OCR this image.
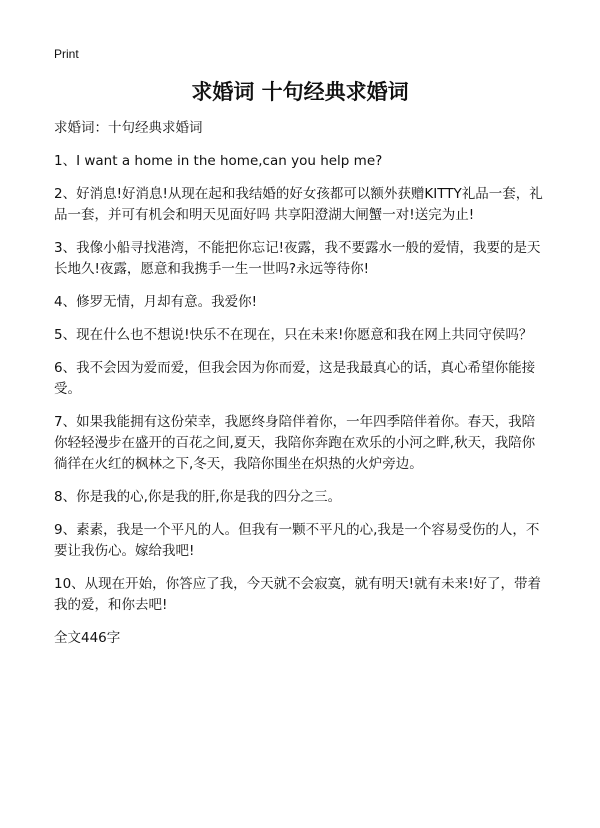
Print
求婚词 十句经典求婚词
求婚词：十句经典求婚词
1、I want a home in the home,can you help me?
2、好消息!好消息!从现在起和我结婚的好女孩都可以额外获赠KITTY礼品一套，礼品一套，并可有机会和明天见面好吗 共享阳澄湖大闸蟹一对!送完为止!
3、我像小船寻找港湾，不能把你忘记!夜露，我不要露水一般的爱情，我要的是天长地久!夜露，愿意和我携手一生一世吗?永远等待你!
4、修罗无情，月却有意。我爱你!
5、现在什么也不想说!快乐不在现在，只在未来!你愿意和我在网上共同守侯吗？
6、我不会因为爱而爱，但我会因为你而爱，这是我最真心的话，真心希望你能接受。
7、如果我能拥有这份荣幸，我愿终身陪伴着你，一年四季陪伴着你。春天，我陪你轻轻漫步在盛开的百花之间,夏天，我陪你奔跑在欢乐的小河之畔,秋天，我陪你徜徉在火红的枫林之下,冬天，我陪你围坐在炽热的火炉旁边。
8、你是我的心,你是我的肝,你是我的四分之三。
9、素素，我是一个平凡的人。但我有一颗不平凡的心,我是一个容易受伤的人，不要让我伤心。嫁给我吧!
10、从现在开始，你答应了我，今天就不会寂寞，就有明天!就有未来!好了，带着我的爱，和你去吧!
全文446字
